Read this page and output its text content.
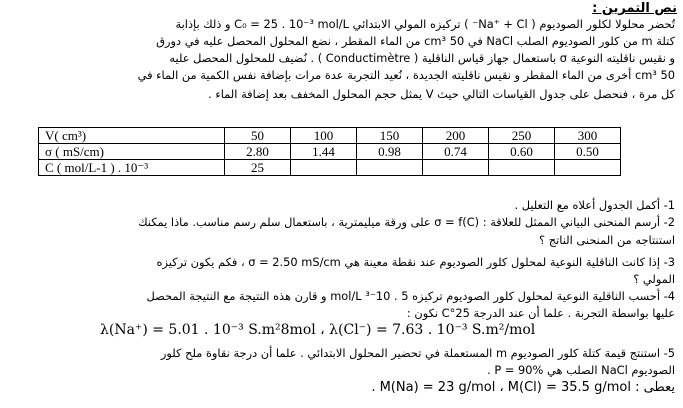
نص التمرين :
تُحضر محلولا لكلور الصوديوم ( Na⁺ + Cl⁻ ) تركيزه المولي الابتدائي C₀ = 25 . 10⁻³ mol/L و ذلك بإذابة
كتلة m من كلور الصوديوم الصلب NaCl في 50 cm³ من الماء المقطر ، نضع المحلول المحصل عليه في دورق
و نقيس ناقليته النوعية σ باستعمال جهاز قياس الناقلية ( Conductimètre ) . نُضيف للمحلول المحصل عليه
50 cm³ أخرى من الماء المقطر و نقيس ناقليته الجديدة ، نُعيد التجربة عدة مرات بإضافة نفس الكمية من الماء في
كل مرة ، فنحصل على جدول القياسات التالي حيث V يمثل حجم المحلول المخفف بعد إضافة الماء .
V( cm³)	50	100	150	200	250	300
σ ( mS/cm)	2.80	1.44	0.98	0.74	0.60	0.50
C ( mol/L-1 ) . 10⁻³	25					
1- أكمل الجدول أعلاه مع التعليل .
2- أرسم المنحنى البياني الممثل للعلاقة : σ = f(C) على ورقة ميليمترية ، باستعمال سلم رسم مناسب. ماذا يمكنك
استنتاجه من المنحنى الناتج ؟
3- إذا كانت الناقلية النوعية لمحلول كلور الصوديوم عند نقطة معينة هي σ = 2.50 mS/cm ، فكم يكون تركيزه
المولي ؟
4- أحسب الناقلية النوعية لمحلول كلور الصوديوم تركيزه 5 . 10⁻³ mol/L و قارن هذه النتيجة مع النتيجة المحصل
عليها بواسطة التجربة . علما أن عند الدرجة 25°C نكون :
λ(Na⁺) = 5.01 . 10⁻³ S.m²8mol ، λ(Cl⁻) = 7.63 . 10⁻³ S.m²/mol
5- استنتج قيمة كتلة كلور الصوديوم m المستعملة في تحضير المحلول الابتدائي . علما أن درجة نقاوة ملح كلور
الصوديوم NaCl الصلب هي P = 90% .
يعطى : M(Na) = 23 g/mol ، M(Cl) = 35.5 g/mol .
